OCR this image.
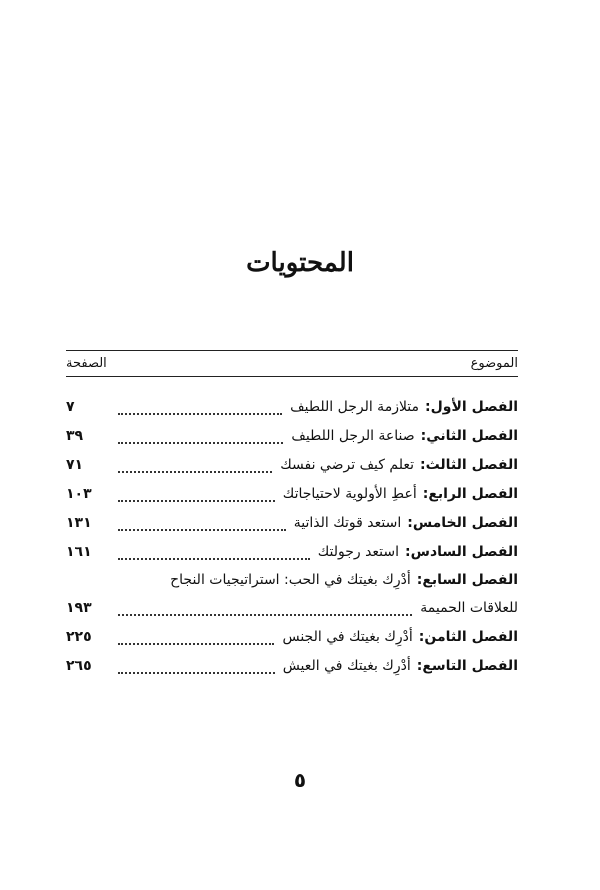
المحتويات
الموضوع
الصفحة
الفصل الأول:
متلازمة الرجل اللطيف
٧
الفصل الثاني:
صناعة الرجل اللطيف
٣٩
الفصل الثالث:
تعلم كيف ترضي نفسك
٧١
الفصل الرابع:
أعطِ الأولوية لاحتياجاتك
١٠٣
الفصل الخامس:
استعد قوتك الذاتية
١٣١
الفصل السادس:
استعد رجولتك
١٦١
الفصل السابع:
أدْرِك بغيتك في الحب: استراتيجيات النجاح
للعلاقات الحميمة
١٩٣
الفصل الثامن:
أدْرِك بغيتك في الجنس
٢٢٥
الفصل التاسع:
أدْرِك بغيتك في العيش
٢٦٥
٥
